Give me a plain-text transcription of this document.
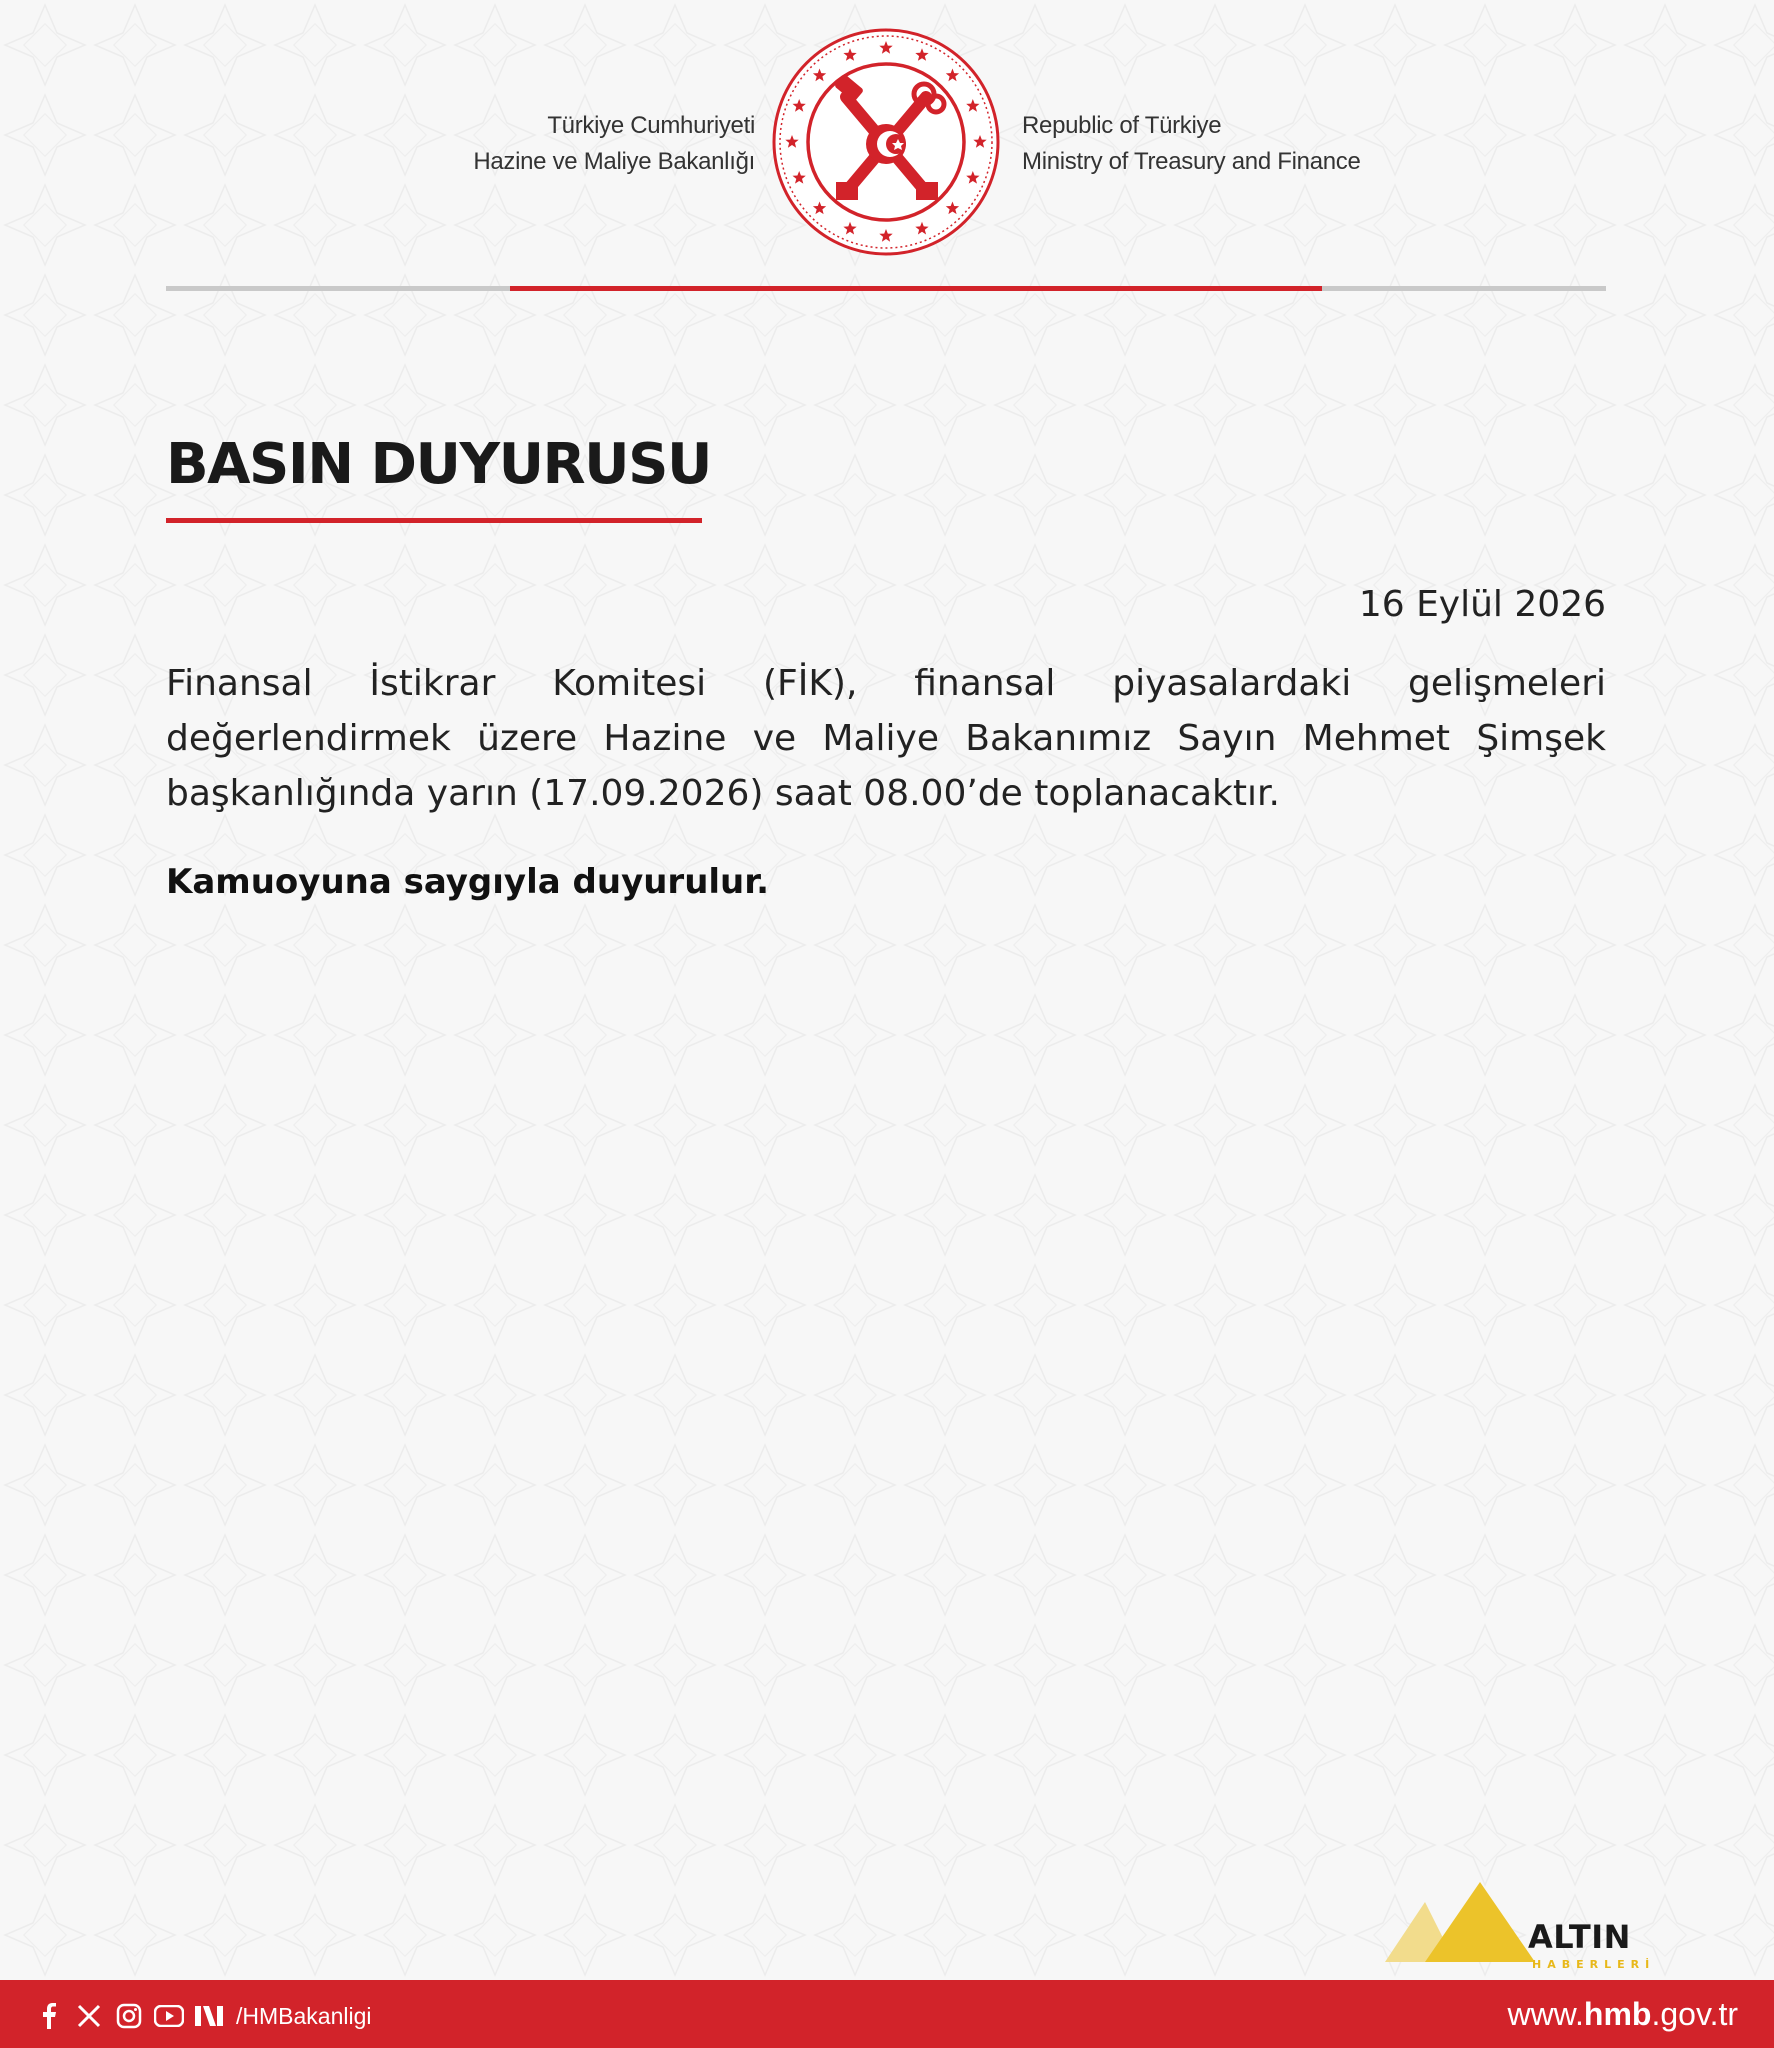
Türkiye Cumhuriyeti
Hazine ve Maliye Bakanlığı
Republic of Türkiye
Ministry of Treasury and Finance
BASIN DUYURUSU
16 Eylül 2026

Finansal İstikrar Komitesi (FİK), finansal piyasalardaki gelişmeleri değerlendirmek üzere Hazine ve Maliye Bakanımız Sayın Mehmet Şimşek başkanlığında yarın (17.09.2026) saat 08.00’de toplanacaktır.

Kamuoyuna saygıyla duyurulur.
ALTIN
HABERLERİ
/HMBakanligi	www.hmb.gov.tr
